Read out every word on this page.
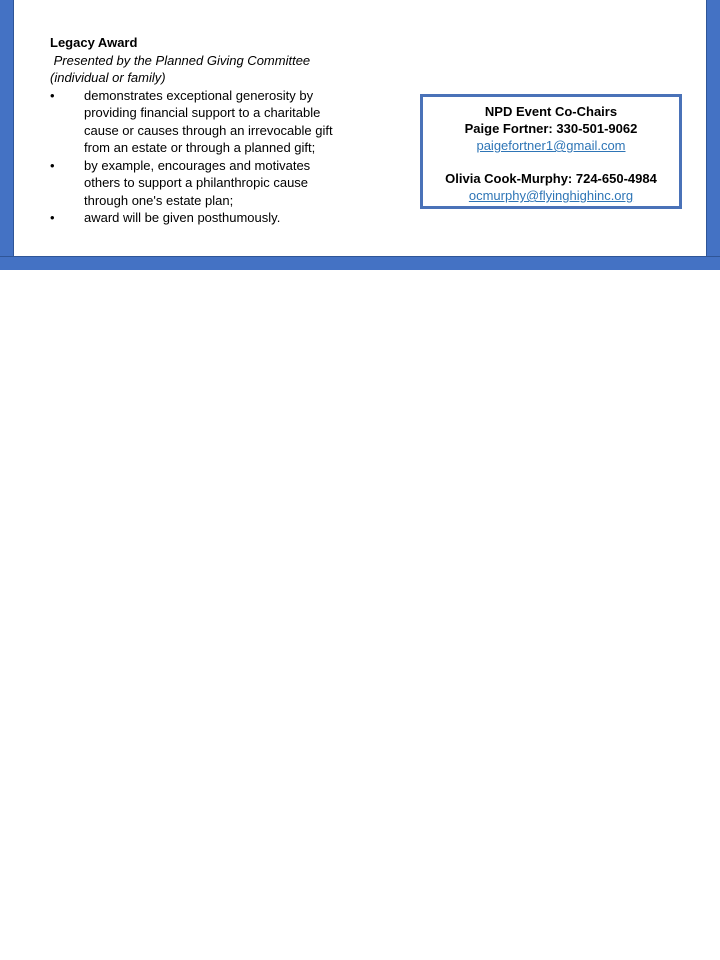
Legacy Award
Presented by the Planned Giving Committee
(individual or family)
• demonstrates exceptional generosity by providing financial support to a charitable cause or causes through an irrevocable gift from an estate or through a planned gift;
• by example, encourages and motivates others to support a philanthropic cause through one's estate plan;
• award will be given posthumously.
NPD Event Co-Chairs
Paige Fortner: 330-501-9062
paigefortner1@gmail.com
Olivia Cook-Murphy: 724-650-4984
ocmurphy@flyinghighinc.org
